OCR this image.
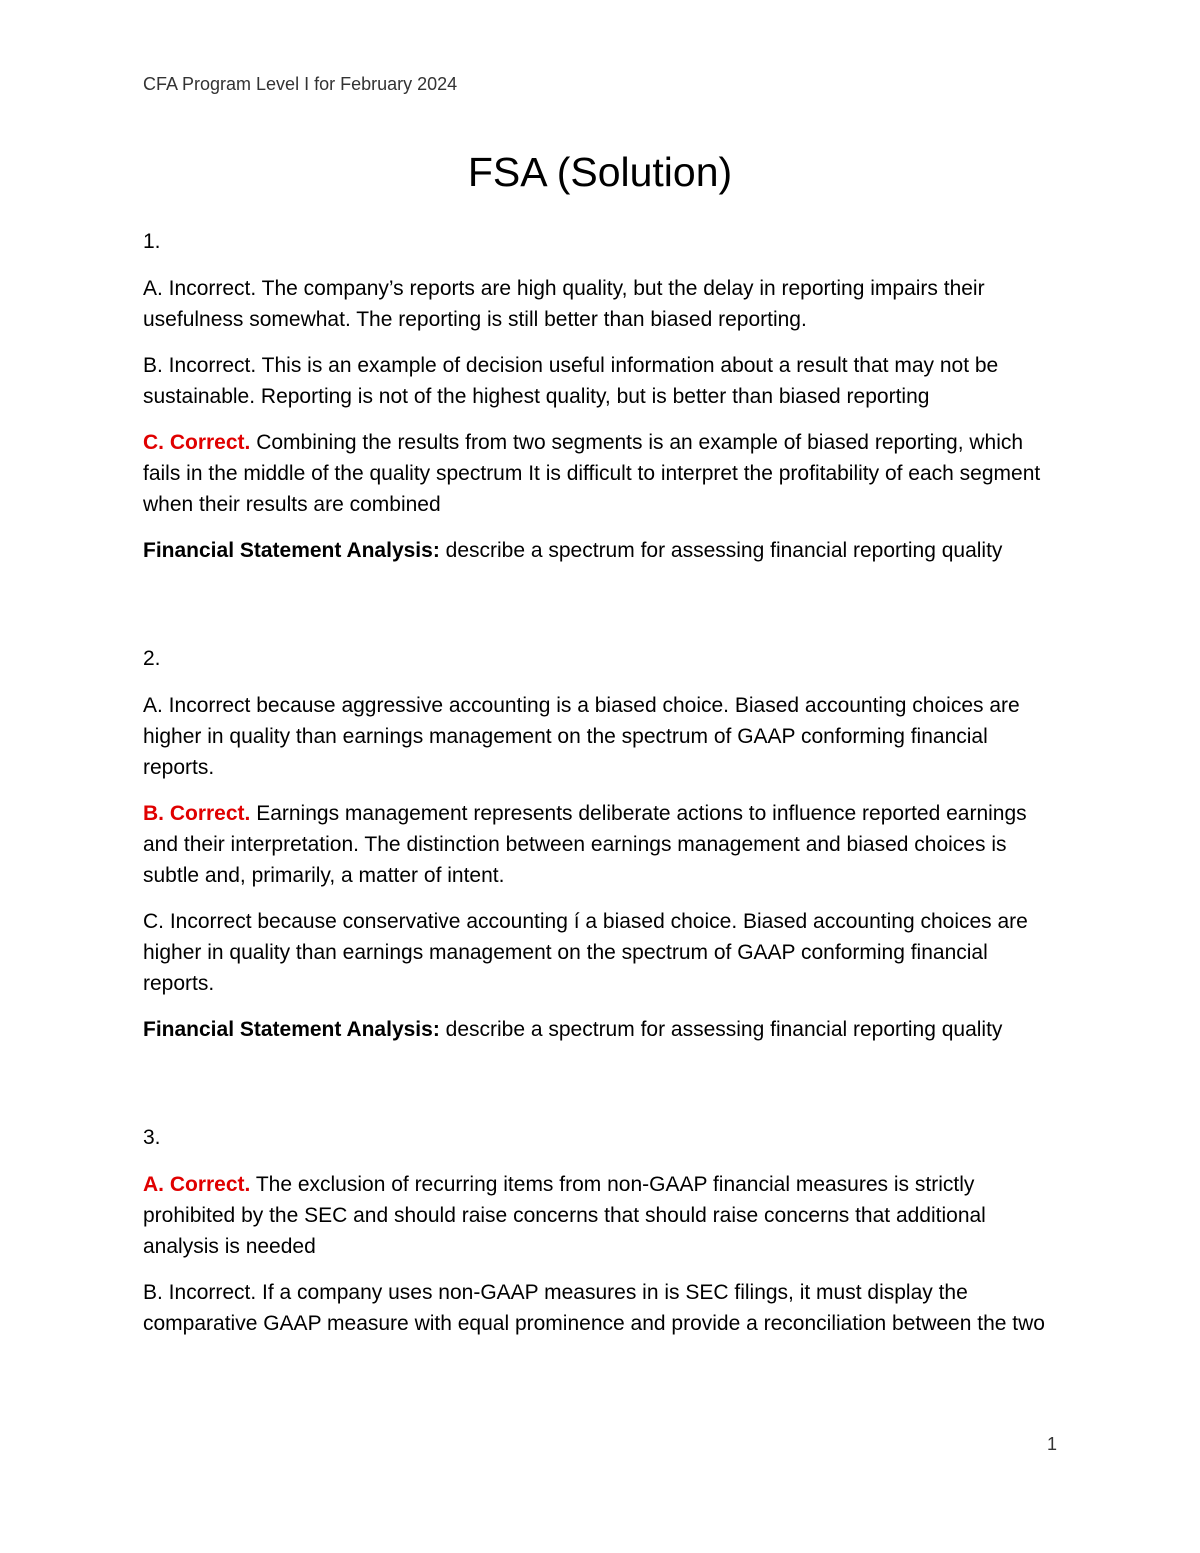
CFA Program Level I for February 2024
FSA (Solution)

1.

A. Incorrect. The company’s reports are high quality, but the delay in reporting impairs their usefulness somewhat. The reporting is still better than biased reporting.

B. Incorrect. This is an example of decision useful information about a result that may not be sustainable. Reporting is not of the highest quality, but is better than biased reporting

C. Correct. Combining the results from two segments is an example of biased reporting, which fails in the middle of the quality spectrum It is difficult to interpret the profitability of each segment when their results are combined

Financial Statement Analysis: describe a spectrum for assessing financial reporting quality

2.

A. Incorrect because aggressive accounting is a biased choice. Biased accounting choices are higher in quality than earnings management on the spectrum of GAAP conforming financial reports.

B. Correct. Earnings management represents deliberate actions to influence reported earnings and their interpretation. The distinction between earnings management and biased choices is subtle and, primarily, a matter of intent.

C. Incorrect because conservative accounting í a biased choice. Biased accounting choices are higher in quality than earnings management on the spectrum of GAAP conforming financial reports.

Financial Statement Analysis: describe a spectrum for assessing financial reporting quality

3.

A. Correct. The exclusion of recurring items from non-GAAP financial measures is strictly prohibited by the SEC and should raise concerns that should raise concerns that additional analysis is needed

B. Incorrect. If a company uses non-GAAP measures in is SEC filings, it must display the comparative GAAP measure with equal prominence and provide a reconciliation between the two

1
